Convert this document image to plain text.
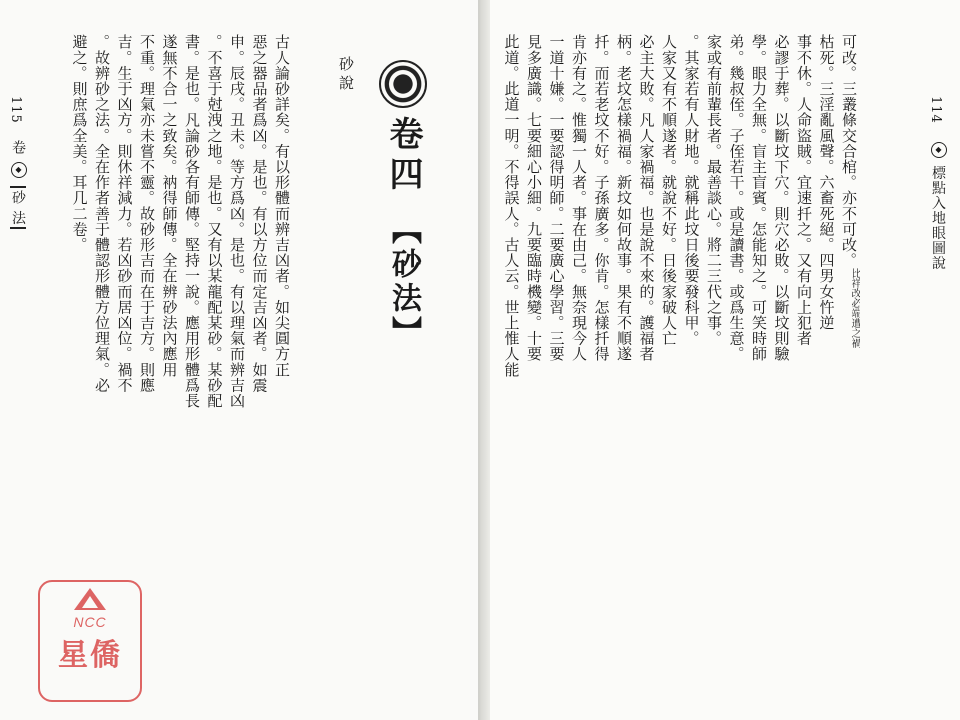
114
◆ 標點入地眼圖說
可改。三叢條交合棺。亦不可改。比祥改必端遭之禍
枯死。三淫亂風聲。六畜死絕。四男女忤逆
事不休。人命盜賊。宜速扦之。又有向上犯者
必謬于葬。以斷坟下穴。則穴必敗。以斷坟則驗
學。眼力全無。盲主盲賓。怎能知之。可笑時師
弟。幾叔侄。子侄若干。或是讀書。或爲生意。
家或有前輩長者。最善談心。將二三代之事。
。其家若有人財地。就稱此坟日後要發科甲。
人家又有不順遂者。就說不好。日後家破人亡
必主大敗。凡人家禍福。也是說不來的。護福者
柄。老坟怎樣禍福。新坟如何故事。果有不順遂
扦。而若老坟不好。子孫廣多。你肯。怎樣扦得
肯亦有之。惟獨一人者。事在由己。無奈現今人
一道十嫌。一要認得明師。二要廣心學習。三要
見多廣識。七要細心小細。九要臨時機變。十要
此道。此道一明。不得誤人。古人云。世上惟人能
115
卷 ◆ 砂 法	古人論砂詳矣。有以形體而辨吉凶者。如尖圓方正
惡之器品者爲凶。是也。有以方位而定吉凶者。如震
申。辰戌。丑未。等方爲凶。是也。有以理氣而辨吉凶
。不喜于尅洩之地。是也。又有以某龍配某砂。某砂配
書。是也。凡論砂各有師傳。堅持一說。應用形體爲長
遂無不合一之致矣。衲得師傳。全在辨砂法內應用
不重。理氣亦未嘗不靈。故砂形吉而在于吉方。則應
吉。生于凶方。則休祥減力。若凶砂而居凶位。禍不
。故辨砂之法。全在作者善于體認形體方位理氣。必
避之。則庶爲全美。耳几二卷。	砂說
卷四
【砂法】
NCC
星僑
